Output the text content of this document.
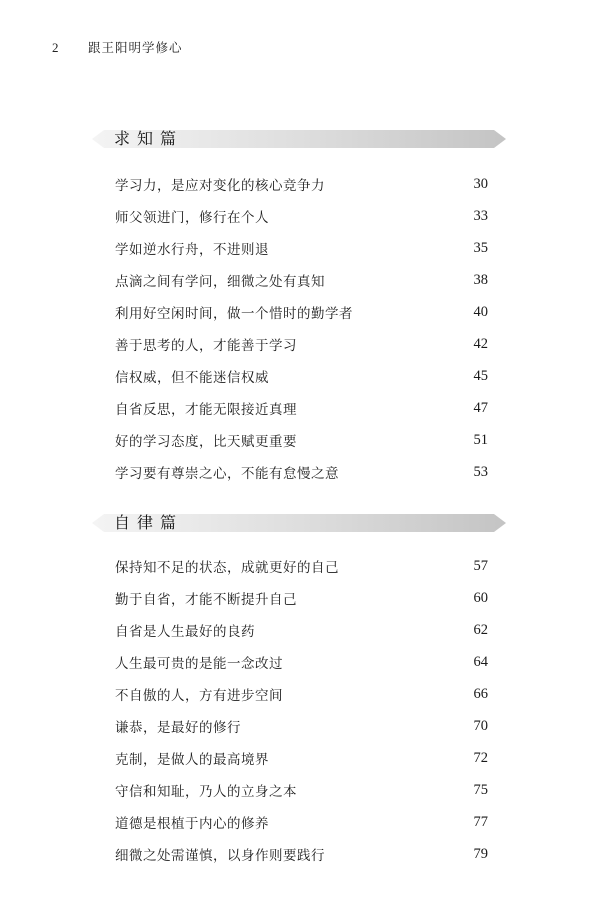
2	跟王阳明学修心
求知篇
学习力，是应对变化的核心竞争力	30
师父领进门，修行在个人	33
学如逆水行舟，不进则退	35
点滴之间有学问，细微之处有真知	38
利用好空闲时间，做一个惜时的勤学者	40
善于思考的人，才能善于学习	42
信权威，但不能迷信权威	45
自省反思，才能无限接近真理	47
好的学习态度，比天赋更重要	51
学习要有尊崇之心，不能有怠慢之意	53
自律篇
保持知不足的状态，成就更好的自己	57
勤于自省，才能不断提升自己	60
自省是人生最好的良药	62
人生最可贵的是能一念改过	64
不自傲的人，方有进步空间	66
谦恭，是最好的修行	70
克制，是做人的最高境界	72
守信和知耻，乃人的立身之本	75
道德是根植于内心的修养	77
细微之处需谨慎，以身作则要践行	79
